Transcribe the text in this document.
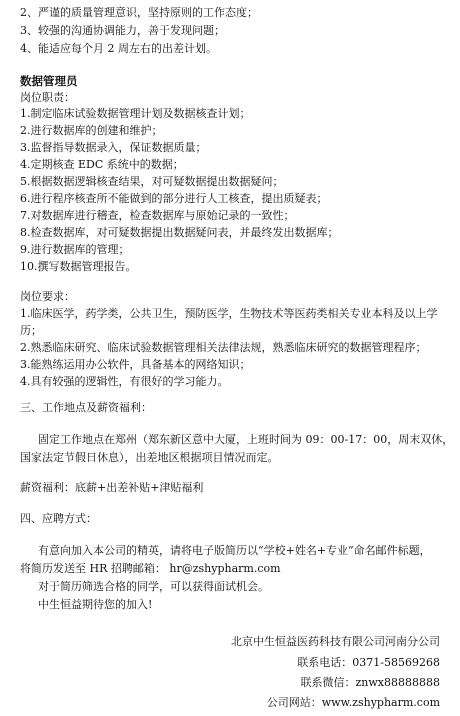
2、严谨的质量管理意识，坚持原则的工作态度；
3、较强的沟通协调能力，善于发现问题；
4、能适应每个月 2 周左右的出差计划。
数据管理员
岗位职责：
1.制定临床试验数据管理计划及数据核查计划；
2.进行数据库的创建和维护；
3.监督指导数据录入，保证数据质量；
4.定期核查 EDC 系统中的数据；
5.根据数据逻辑核查结果，对可疑数据提出数据疑问；
6.进行程序核查所不能做到的部分进行人工核查，提出质疑表；
7.对数据库进行稽查，检查数据库与原始记录的一致性；
8.检查数据库，对可疑数据提出数据疑问表，并最终发出数据库；
9.进行数据库的管理；
10.撰写数据管理报告。
岗位要求：
1.临床医学，药学类，公共卫生，预防医学，生物技术等医药类相关专业本科及以上学
历；
2.熟悉临床研究、临床试验数据管理相关法律法规，熟悉临床研究的数据管理程序；
3.能熟练运用办公软件，具备基本的网络知识；
4.具有较强的逻辑性，有很好的学习能力。
三、工作地点及薪资福利：
固定工作地点在郑州（郑东新区意中大厦，上班时间为 09：00-17：00，周末双休，
国家法定节假日休息），出差地区根据项目情况而定。
薪资福利：底薪+出差补贴+津贴福利
四、应聘方式：
有意向加入本公司的精英，请将电子版简历以“学校+姓名+专业”命名邮件标题，
将简历发送至 HR 招聘邮箱： hr@zshypharm.com
对于简历筛选合格的同学，可以获得面试机会。
中生恒益期待您的加入!
北京中生恒益医药科技有限公司河南分公司
联系电话：0371-58569268
联系微信：znwx88888888
公司网站：www.zshypharm.com
